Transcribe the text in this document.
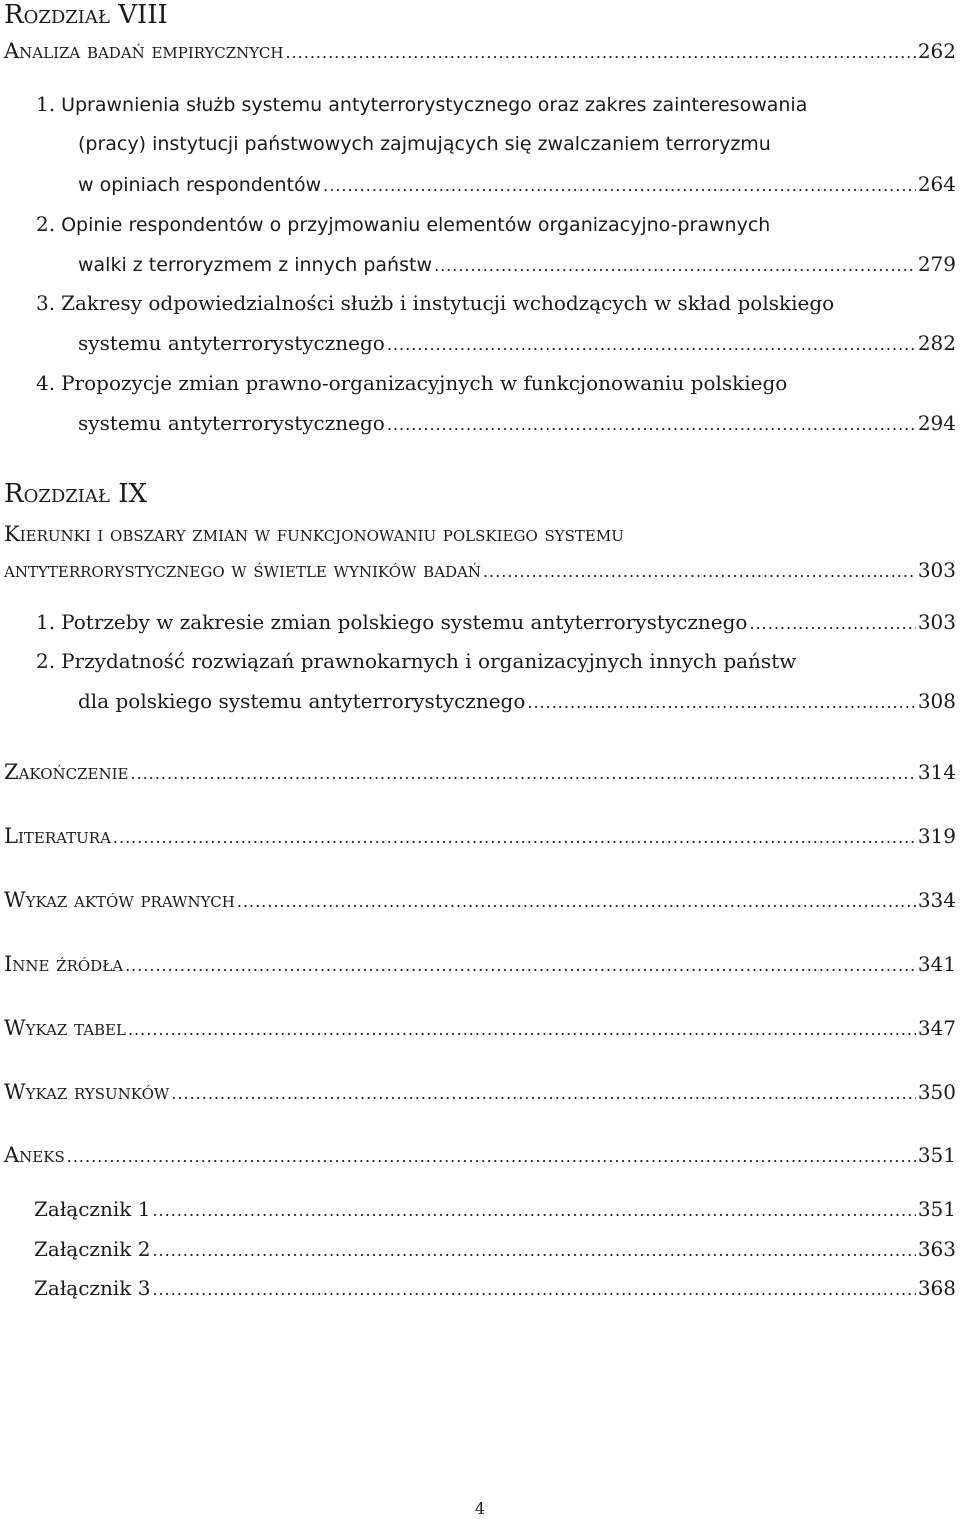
Rozdział VIII
Analiza badań empirycznych .....	262
1. Uprawnienia służb systemu antyterrorystycznego oraz zakres zainteresowania
(pracy) instytucji państwowych zajmujących się zwalczaniem terroryzmu
w opiniach respondentów .....	264
2. Opinie respondentów o przyjmowaniu elementów organizacyjno-prawnych
walki z terroryzmem z innych państw .....	279
3. Zakresy odpowiedzialności służb i instytucji wchodzących w skład polskiego
systemu antyterrorystycznego .....	282
4. Propozycje zmian prawno-organizacyjnych w funkcjonowaniu polskiego
systemu antyterrorystycznego .....	294
Rozdział IX
Kierunki i obszary zmian w funkcjonowaniu polskiego systemu
antyterrorystycznego w świetle wyników badań .....	303
1. Potrzeby w zakresie zmian polskiego systemu antyterrorystycznego .....	303
2. Przydatność rozwiązań prawnokarnych i organizacyjnych innych państw
dla polskiego systemu antyterrorystycznego .....	308
Zakończenie .....	314
Literatura .....	319
Wykaz aktów prawnych .....	334
Inne źródła .....	341
Wykaz tabel .....	347
Wykaz rysunków .....	350
Aneks .....	351
Załącznik 1 .....	351
Załącznik 2 .....	363
Załącznik 3 .....	368
4
